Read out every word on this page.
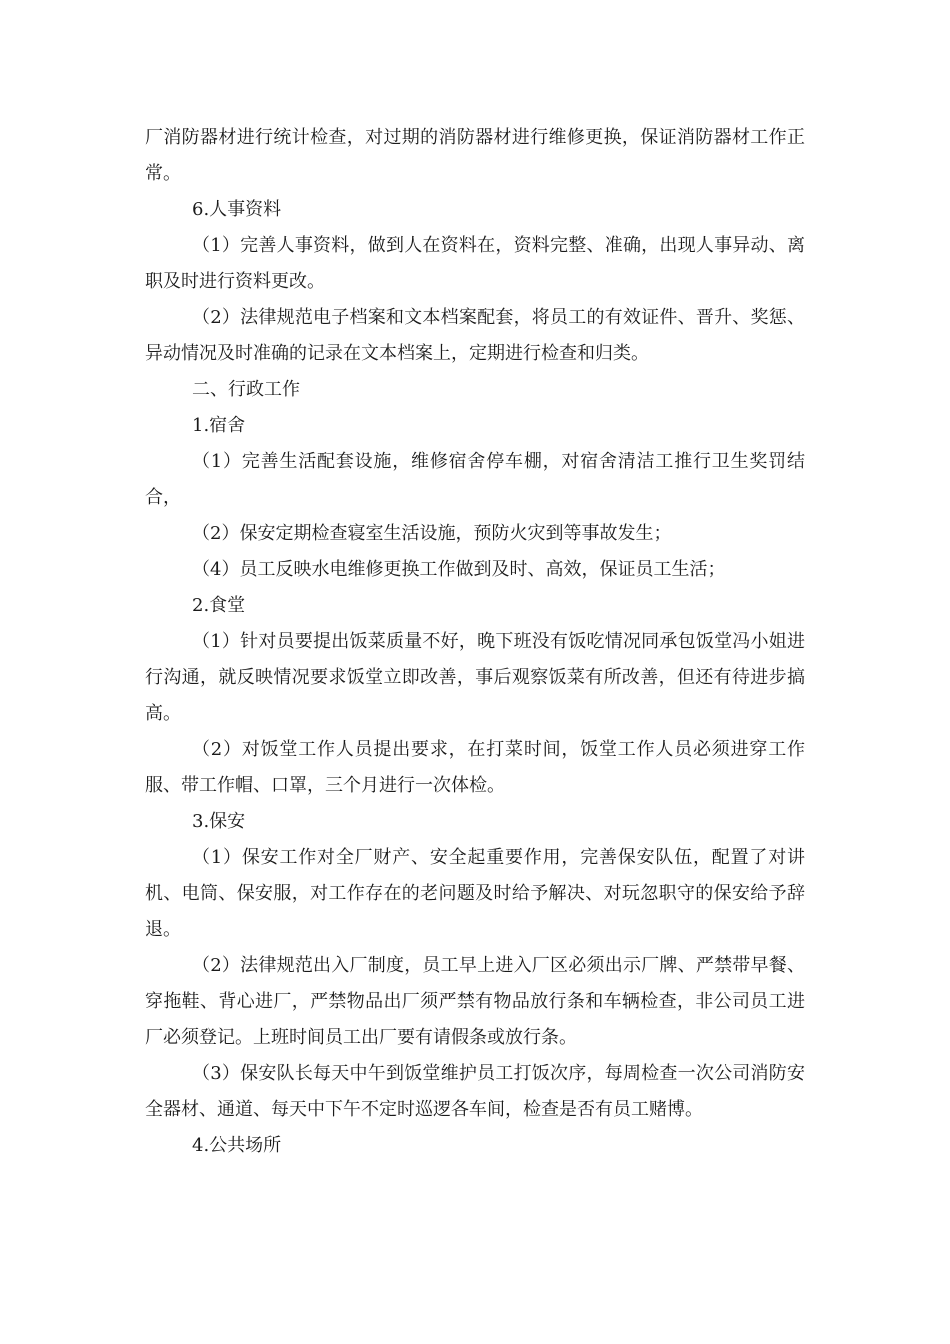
厂消防器材进行统计检查，对过期的消防器材进行维修更换，保证消防器材工作正常。

6.人事资料

（1）完善人事资料，做到人在资料在，资料完整、准确，出现人事异动、离职及时进行资料更改。

（2）法律规范电子档案和文本档案配套，将员工的有效证件、晋升、奖惩、异动情况及时准确的记录在文本档案上，定期进行检查和归类。

二、行政工作

1.宿舍

（1）完善生活配套设施，维修宿舍停车棚，对宿舍清洁工推行卫生奖罚结合，

（2）保安定期检查寝室生活设施，预防火灾到等事故发生；

（4）员工反映水电维修更换工作做到及时、高效，保证员工生活；

2.食堂

（1）针对员要提出饭菜质量不好，晚下班没有饭吃情况同承包饭堂冯小姐进行沟通，就反映情况要求饭堂立即改善，事后观察饭菜有所改善，但还有待进步搞高。

（2）对饭堂工作人员提出要求，在打菜时间，饭堂工作人员必须进穿工作服、带工作帽、口罩，三个月进行一次体检。

3.保安

（1）保安工作对全厂财产、安全起重要作用，完善保安队伍，配置了对讲机、电筒、保安服，对工作存在的老问题及时给予解决、对玩忽职守的保安给予辞退。

（2）法律规范出入厂制度，员工早上进入厂区必须出示厂牌、严禁带早餐、穿拖鞋、背心进厂，严禁物品出厂须严禁有物品放行条和车辆检查，非公司员工进厂必须登记。上班时间员工出厂要有请假条或放行条。

（3）保安队长每天中午到饭堂维护员工打饭次序，每周检查一次公司消防安全器材、通道、每天中下午不定时巡逻各车间，检查是否有员工赌博。

4.公共场所
